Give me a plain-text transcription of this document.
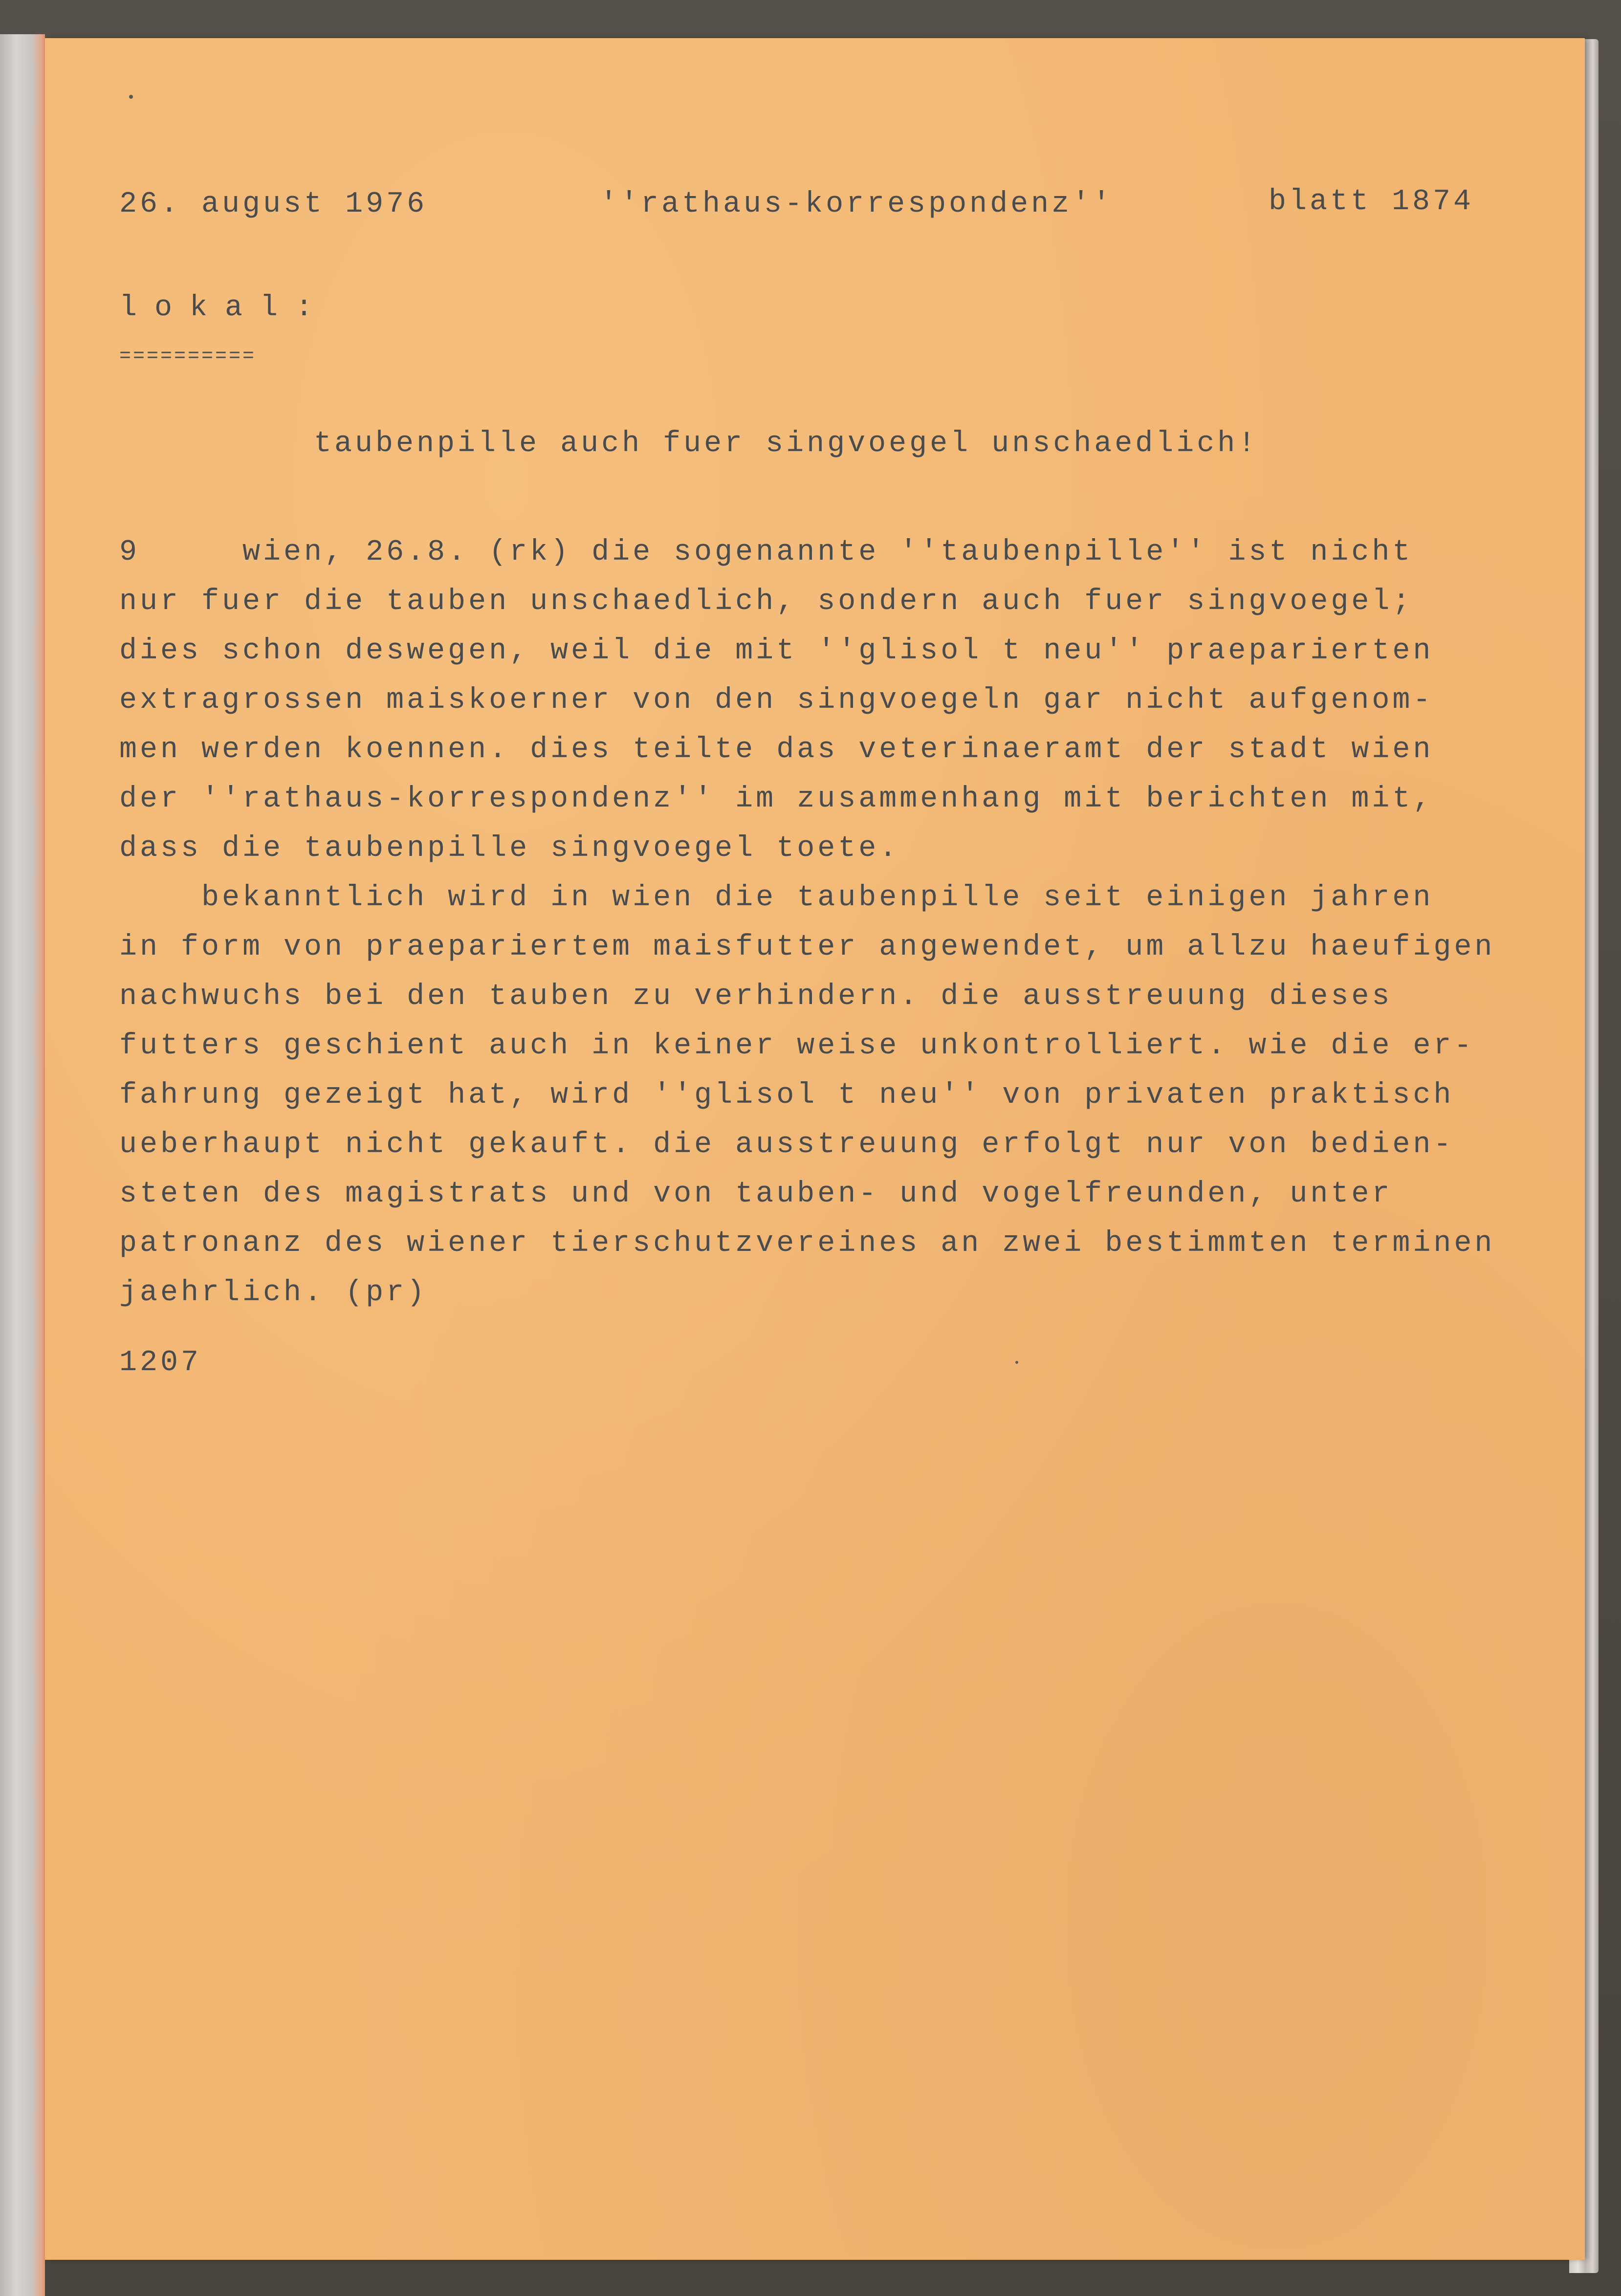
26. august 1976	''rathaus-korrespondenz''	blatt 1874
lokal:
==========
taubenpille auch fuer singvoegel unschaedlich!
9     wien, 26.8. (rk) die sogenannte ''taubenpille'' ist nicht
nur fuer die tauben unschaedlich, sondern auch fuer singvoegel;
dies schon deswegen, weil die mit ''glisol t neu'' praeparierten
extragrossen maiskoerner von den singvoegeln gar nicht aufgenom-
men werden koennen. dies teilte das veterinaeramt der stadt wien
der ''rathaus-korrespondenz'' im zusammenhang mit berichten mit,
dass die taubenpille singvoegel toete.
bekanntlich wird in wien die taubenpille seit einigen jahren
in form von praepariertem maisfutter angewendet, um allzu haeufigen
nachwuchs bei den tauben zu verhindern. die ausstreuung dieses
futters geschient auch in keiner weise unkontrolliert. wie die er-
fahrung gezeigt hat, wird ''glisol t neu'' von privaten praktisch
ueberhaupt nicht gekauft. die ausstreuung erfolgt nur von bedien-
steten des magistrats und von tauben- und vogelfreunden, unter
patronanz des wiener tierschutzvereines an zwei bestimmten terminen
jaehrlich. (pr)
1207
